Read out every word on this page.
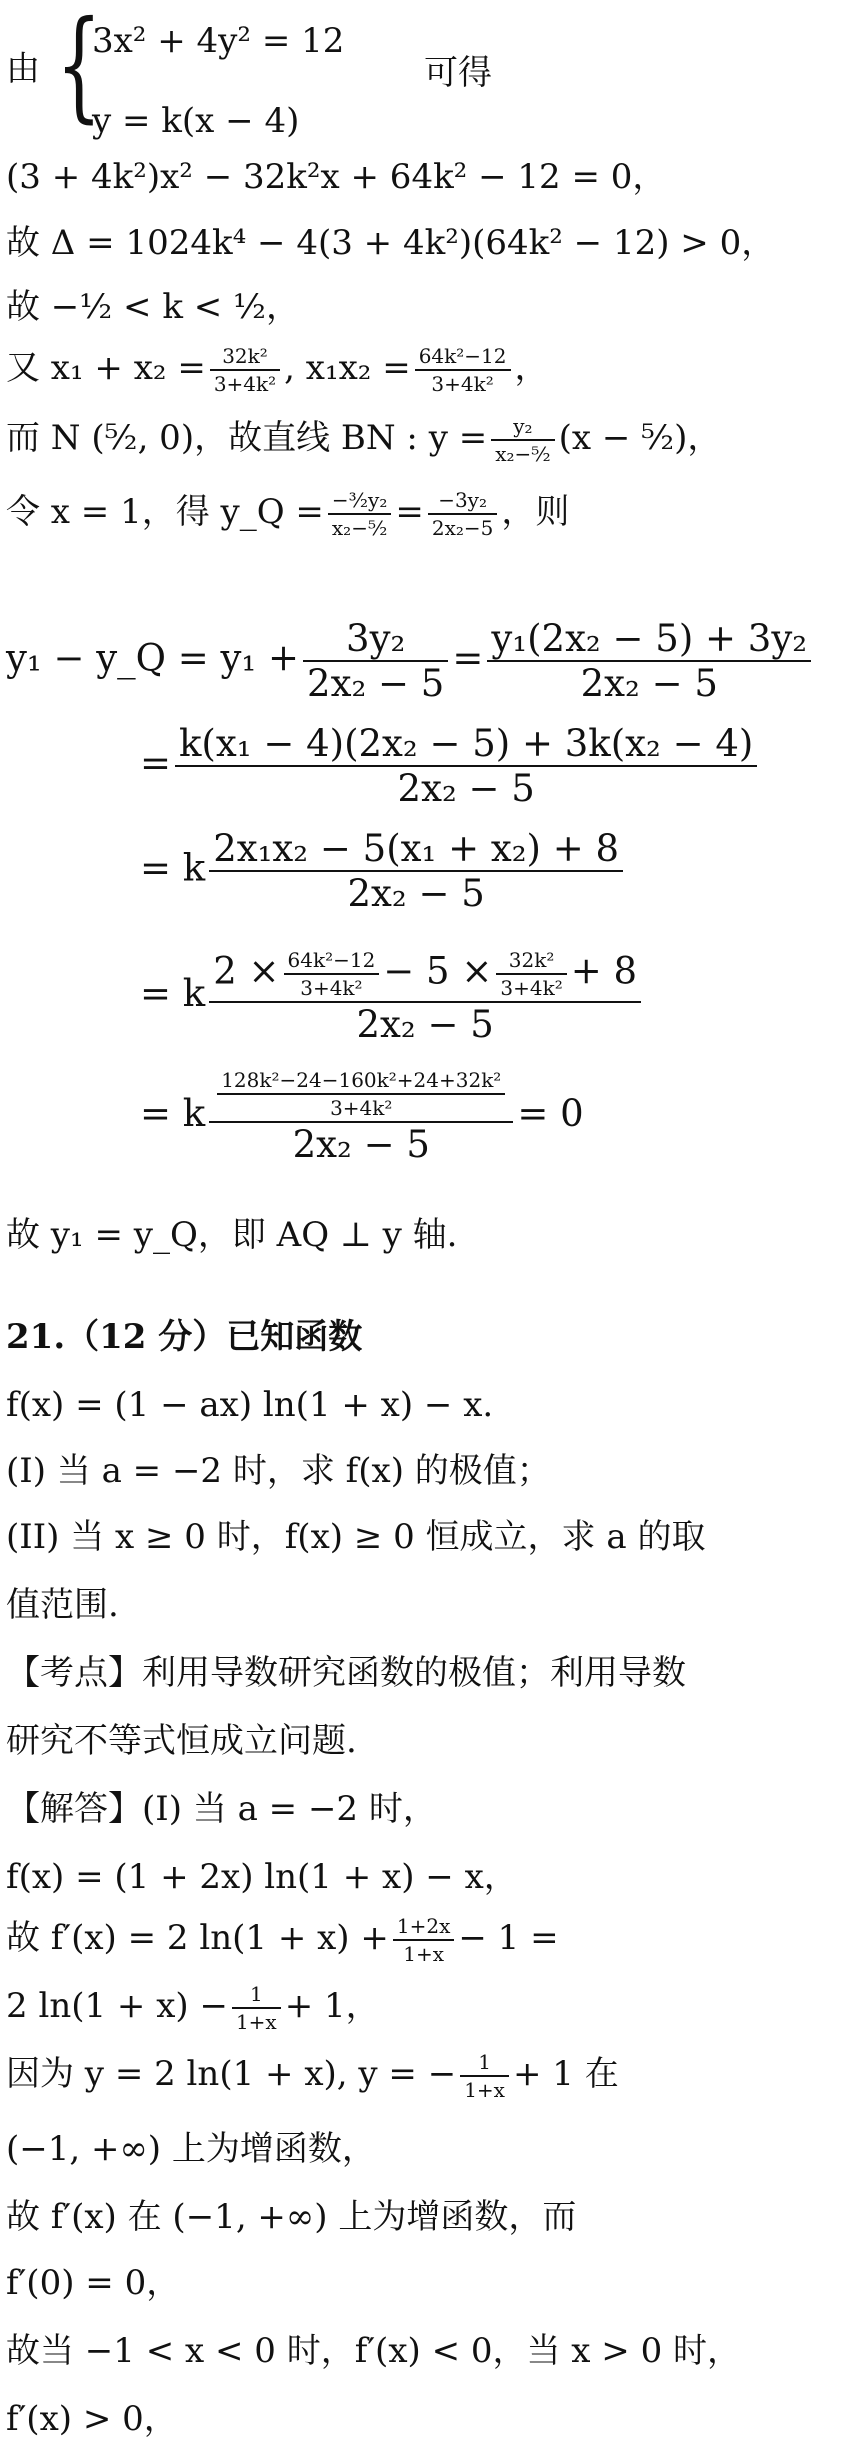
由 {
3x² + 4y² = 12
y = k(x − 4)
可得
(3 + 4k²)x² − 32k²x + 64k² − 12 = 0，
故 Δ = 1024k⁴ − 4(3 + 4k²)(64k² − 12) > 0，
故 −½ < k < ½，
又 $x_1 + x_2 = \frac{\text{32k²}}{\text{3+4k²}}$ , $x_1x_2 = \frac{\text{64k²−12}}{\text{3+4k²}}$ ，
而 N (⁵⁄₂, 0)，故直线 BN : $y = \frac{\text{y₂}}{\text{x₂−⁵⁄₂}} (x$ − ⁵⁄₂)，
令 x = 1，得 y_Q = $\frac{\text{−³⁄₂y₂}}{\text{x₂−⁵⁄₂}} = \frac{\text{−3y₂}}{\text{2x₂−5}}$ ，则
y₁ − y_Q = $y_1 + \frac{\text{3y₂}}{\text{2x₂ − 5}} = \frac{\text{y₁(2x₂ − 5) + 3y₂}}{\text{2x₂ − 5}}$
= $\frac{\text{k(x₁ − 4)(2x₂ − 5) + 3k(x₂ − 4)}}{\text{2x₂ − 5}}$
= k $\frac{\text{2x₁x₂ − 5(x₁ + x₂) + 8}}{\text{2x₂ − 5}}$
= k $\frac{2 \times \frac{\text{64k²−12}}{\text{3+4k²}} - 5 \times \frac{\text{32k²}}{\text{3+4k²}} + 8}{\text{2x₂ − 5}}$
= k $\frac{\frac{\text{128k²−24−160k²+24+32k²}}{\text{3+4k²}}}{\text{2x₂ − 5}} = 0$
故 y₁ = y_Q，即 AQ ⊥ y 轴.
21.（12 分）已知函数
f(x) = (1 − ax) ln(1 + x) − x.
(I) 当 a = −2 时，求 f(x) 的极值；
(II) 当 x ≥ 0 时，f(x) ≥ 0 恒成立，求 a 的取
值范围.
【考点】利用导数研究函数的极值；利用导数
研究不等式恒成立问题.
【解答】(I) 当 a = −2 时，
f(x) = (1 + 2x) ln(1 + x) − x，
故 f′(x) = 2 $\ln(1 + x) + \frac{1+2x}{1+x} - 1$ =
2 $\ln(1 + x) - \frac{1}{1+x} + 1$，
因为 y = 2 ln(1 + x), y = − $\frac{1}{1+x} + 1$ 在
(−1, +∞) 上为增函数，
故 f′(x) 在 (−1, +∞) 上为增函数，而
f′(0) = 0，
故当 −1 < x < 0 时，f′(x) < 0，当 x > 0 时，
f′(x) > 0，
